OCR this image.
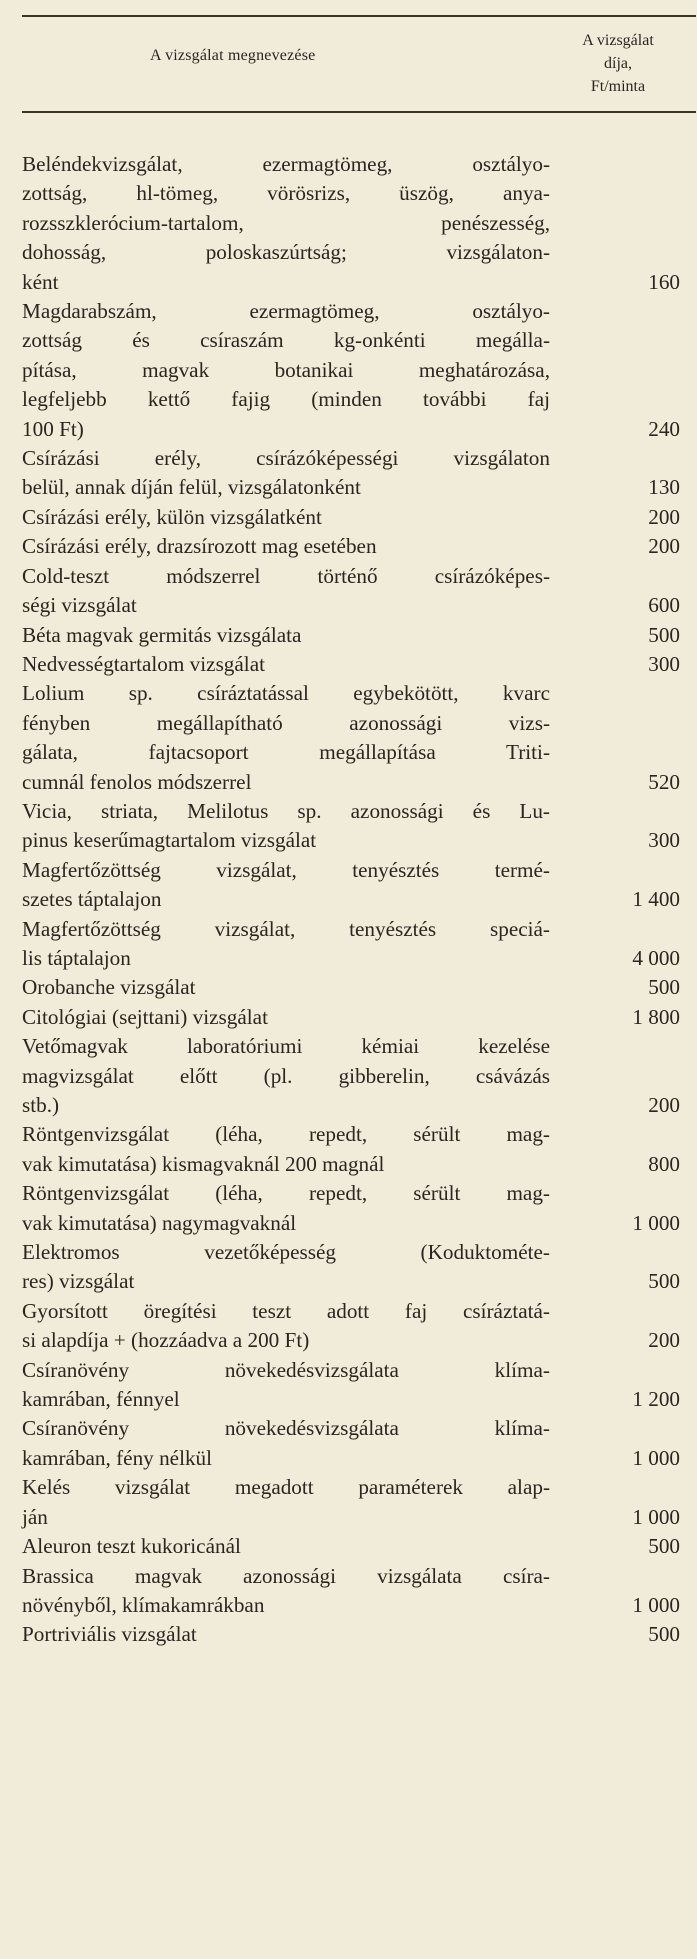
A vizsgálat megnevezése
A vizsgálat
díja,
Ft/minta
Beléndekvizsgálat, ezermagtömeg, osztályo-
zottság, hl-tömeg, vörösrizs, üszög, anya-
rozsszklerócium-tartalom, penészesség,
dohosság, poloskaszúrtság; vizsgálaton-
ként	160
Magdarabszám, ezermagtömeg, osztályo-
zottság és csíraszám kg-onkénti megálla-
pítása, magvak botanikai meghatározása,
legfeljebb kettő fajig (minden további faj
100 Ft)	240
Csírázási erély, csírázóképességi vizsgálaton
belül, annak díján felül, vizsgálatonként	130
Csírázási erély, külön vizsgálatként	200
Csírázási erély, drazsírozott mag esetében	200
Cold-teszt módszerrel történő csírázóképes-
ségi vizsgálat	600
Béta magvak germitás vizsgálata	500
Nedvességtartalom vizsgálat	300
Lolium sp. csíráztatással egybekötött, kvarc
fényben megállapítható azonossági vizs-
gálata, fajtacsoport megállapítása Triti-
cumnál fenolos módszerrel	520
Vicia, striata, Melilotus sp. azonossági és Lu-
pinus keserűmagtartalom vizsgálat	300
Magfertőzöttség vizsgálat, tenyésztés termé-
szetes táptalajon	1 400
Magfertőzöttség vizsgálat, tenyésztés speciá-
lis táptalajon	4 000
Orobanche vizsgálat	500
Citológiai (sejttani) vizsgálat	1 800
Vetőmagvak laboratóriumi kémiai kezelése
magvizsgálat előtt (pl. gibberelin, csávázás
stb.)	200
Röntgenvizsgálat (léha, repedt, sérült mag-
vak kimutatása) kismagvaknál 200 magnál	800
Röntgenvizsgálat (léha, repedt, sérült mag-
vak kimutatása) nagymagvaknál	1 000
Elektromos vezetőképesség (Koduktométe-
res) vizsgálat	500
Gyorsított öregítési teszt adott faj csíráztatá-
si alapdíja + (hozzáadva a 200 Ft)	200
Csíranövény növekedésvizsgálata klíma-
kamrában, fénnyel	1 200
Csíranövény növekedésvizsgálata klíma-
kamrában, fény nélkül	1 000
Kelés vizsgálat megadott paraméterek alap-
ján	1 000
Aleuron teszt kukoricánál	500
Brassica magvak azonossági vizsgálata csíra-
növényből, klímakamrákban	1 000
Portriviális vizsgálat	500
